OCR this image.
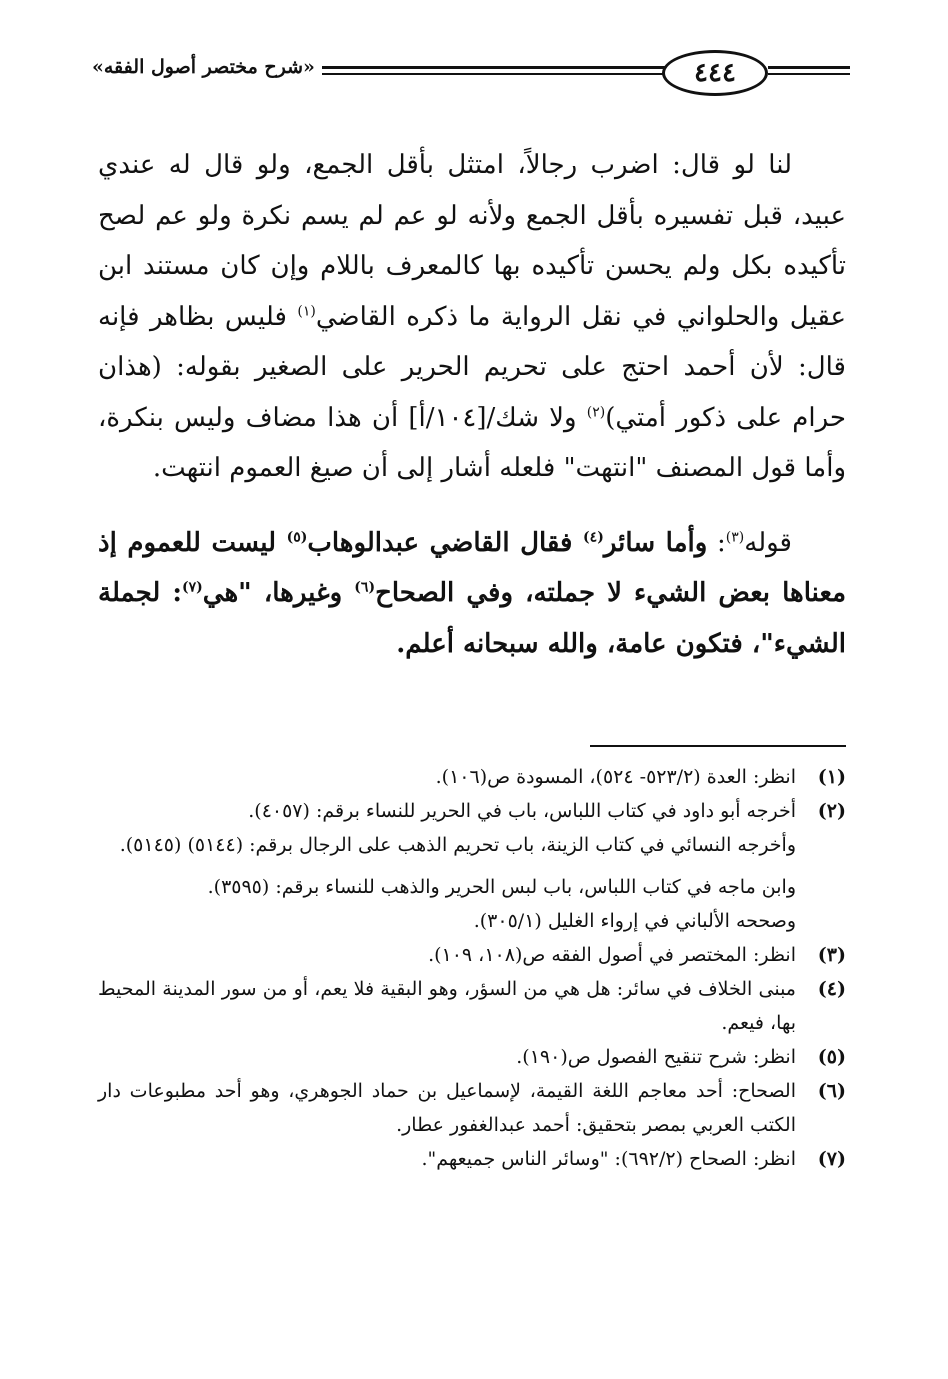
٤٤٤
«شرح مختصر أصول الفقه»

لنا لو قال: اضرب رجالاً، امتثل بأقل الجمع، ولو قال له عندي عبيد، قبل تفسيره بأقل الجمع ولأنه لو عم لم يسم نكرة ولو عم لصح تأكيده بكل ولم يحسن تأكيده بها كالمعرف باللام وإن كان مستند ابن عقيل والحلواني في نقل الرواية ما ذكره القاضي$^{(١)}$ فليس بظاهر فإنه قال: لأن أحمد احتج على تحريم الحرير على الصغير بقوله: (هذان حرام على ذكور أمتي)$^{(٢)}$ ولا شك/[١٠٤/أ] أن هذا مضاف وليس بنكرة، وأما قول المصنف "انتهت" فلعله أشار إلى أن صيغ العموم انتهت.

قوله$^{(٣)}$: وأما سائر$^{(٤)}$ فقال القاضي عبدالوهاب$^{(٥)}$ ليست للعموم إذ معناها بعض الشيء لا جملته، وفي الصحاح$^{(٦)}$ وغيرها، "هي$^{(٧)}$: لجملة الشيء"، فتكون عامة، والله سبحانه أعلم.

(١)
انظر: العدة (٥٢٣/٢- ٥٢٤)، المسودة ص(١٠٦).
(٢)
أخرجه أبو داود في كتاب اللباس، باب في الحرير للنساء برقم: (٤٠٥٧).
وأخرجه النسائي في كتاب الزينة، باب تحريم الذهب على الرجال برقم: (٥١٤٤) (٥١٤٥).
وابن ماجه في كتاب اللباس، باب لبس الحرير والذهب للنساء برقم: (٣٥٩٥).
وصححه الألباني في إرواء الغليل (٣٠٥/١).
(٣)
انظر: المختصر في أصول الفقه ص(١٠٨، ١٠٩).
(٤)
مبنى الخلاف في سائر: هل هي من السؤر، وهو البقية فلا يعم، أو من سور المدينة المحيط بها، فيعم.
(٥)
انظر: شرح تنقيح الفصول ص(١٩٠).
(٦)
الصحاح: أحد معاجم اللغة القيمة، لإسماعيل بن حماد الجوهري، وهو أحد مطبوعات دار الكتب العربي بمصر بتحقيق: أحمد عبدالغفور عطار.
(٧)
انظر: الصحاح (٦٩٢/٢): "وسائر الناس جميعهم".
